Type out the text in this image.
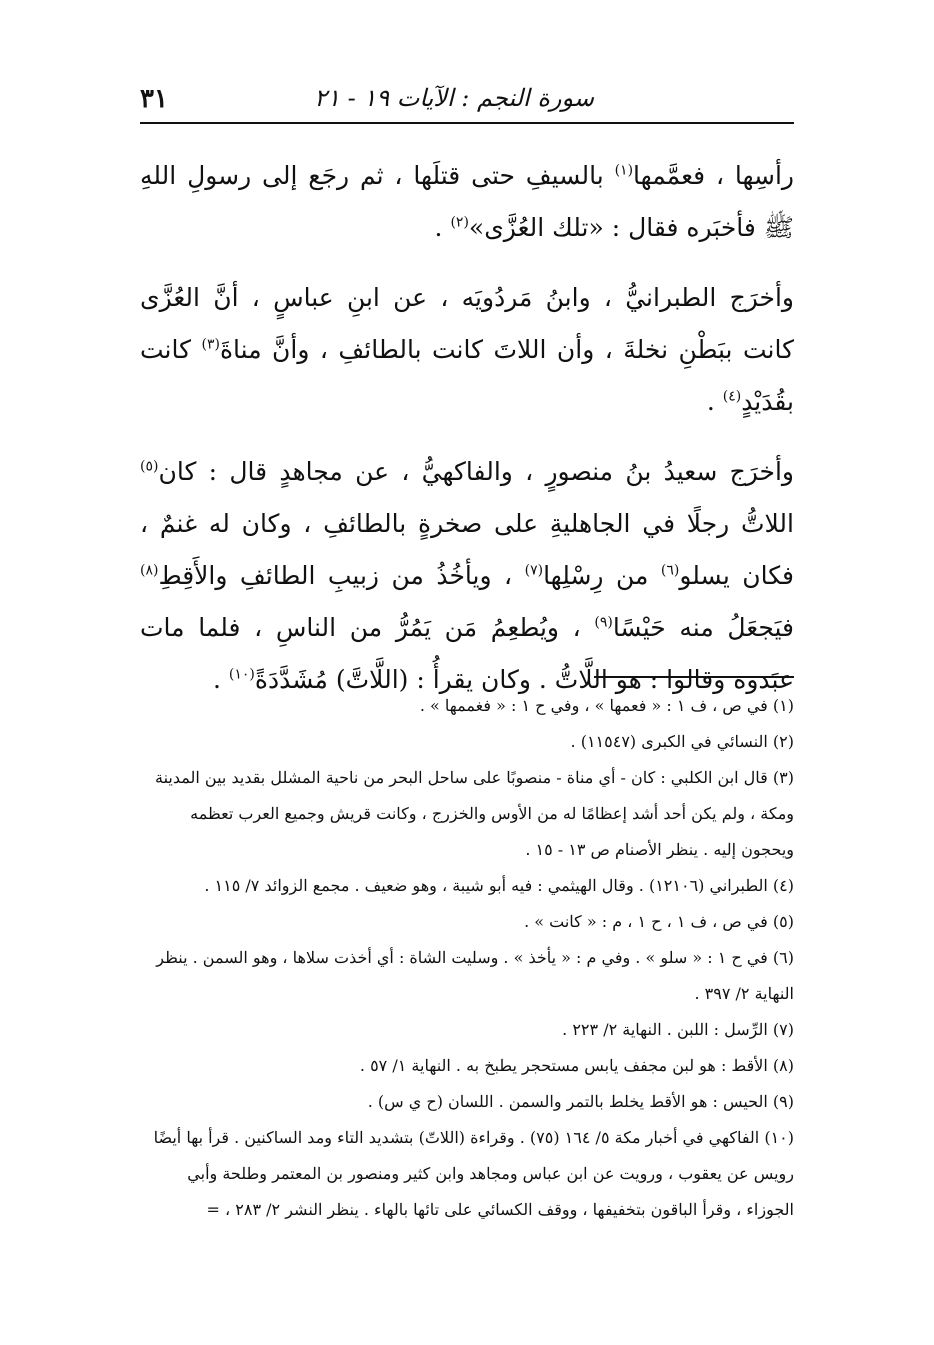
سورة النجم : الآيات ١٩ - ٢١
٣١

رأسِها ، فعمَّمها$^{(١)}$ بالسيفِ حتى قتلَها ، ثم رجَع إلى رسولِ اللهِ ﷺ فأخبَره فقال : «تلك العُزَّى»$^{(٢)}$ .

وأخرَج الطبرانيُّ ، وابنُ مَردُويَه ، عن ابنِ عباسٍ ، أنَّ العُزَّى كانت ببَطْنِ نخلةَ ، وأن اللاتَ كانت بالطائفِ ، وأنَّ مناةَ$^{(٣)}$ كانت بقُدَيْدٍ$^{(٤)}$ .

وأخرَج سعيدُ بنُ منصورٍ ، والفاكهيُّ ، عن مجاهدٍ قال : كان$^{(٥)}$ اللاتُّ رجلًا في الجاهليةِ على صخرةٍ بالطائفِ ، وكان له غنمٌ ، فكان يسلو$^{(٦)}$ من رِسْلِها$^{(٧)}$ ، ويأخُذُ من زبيبِ الطائفِ والأَقِطِ$^{(٨)}$ فيَجعَلُ منه حَيْسًا$^{(٩)}$ ، ويُطعِمُ مَن يَمُرُّ من الناسِ ، فلما مات عبَدوه وقالوا : هو اللَّاتُّ . وكان يقرأُ : (اللَّاتَّ) مُشَدَّدَةً$^{(١٠)}$ .

(١) في ص ، ف ١ : « فعمها » ، وفي ح ١ : « فغممها » .

(٢) النسائي في الكبرى (١١٥٤٧) .

(٣) قال ابن الكلبي : كان - أي مناة - منصوبًا على ساحل البحر من ناحية المشلل بقديد بين المدينة ومكة ، ولم يكن أحد أشد إعظامًا له من الأوس والخزرج ، وكانت قريش وجميع العرب تعظمه ويحجون إليه . ينظر الأصنام ص ١٣ - ١٥ .

(٤) الطبراني (١٢١٠٦) . وقال الهيثمي : فيه أبو شيبة ، وهو ضعيف . مجمع الزوائد ٧/ ١١٥ .

(٥) في ص ، ف ١ ، ح ١ ، م : « كانت » .

(٦) في ح ١ : « سلو » . وفي م : « يأخذ » . وسليت الشاة : أي أخذت سلاها ، وهو السمن . ينظر النهاية ٢/ ٣٩٧ .

(٧) الرِّسل : اللبن . النهاية ٢/ ٢٢٣ .

(٨) الأقط : هو لبن مجفف يابس مستحجر يطبخ به . النهاية ١/ ٥٧ .

(٩) الحيس : هو الأقط يخلط بالتمر والسمن . اللسان (ح ي س) .

(١٠) الفاكهي في أخبار مكة ٥/ ١٦٤ (٧٥) . وقراءة (اللاتّ) بتشديد التاء ومد الساكنين . قرأ بها أيضًا رويس عن يعقوب ، ورويت عن ابن عباس ومجاهد وابن كثير ومنصور بن المعتمر وطلحة وأبي الجوزاء ، وقرأ الباقون بتخفيفها ، ووقف الكسائي على تائها بالهاء . ينظر النشر ٢/ ٢٨٣ ، =
